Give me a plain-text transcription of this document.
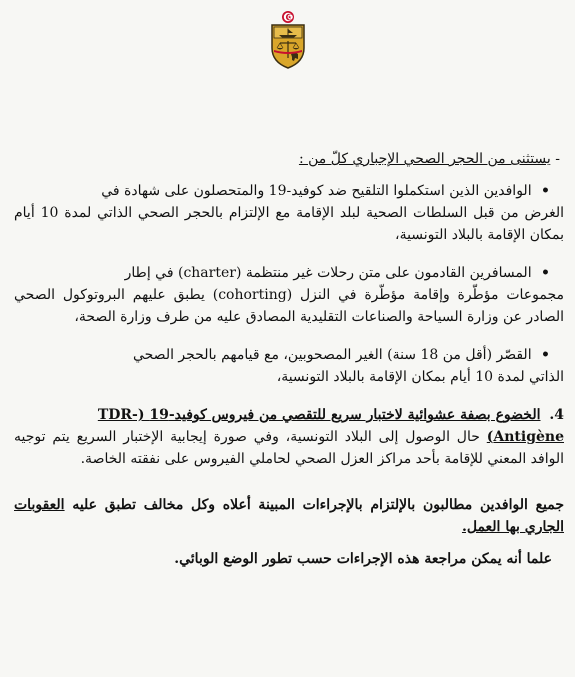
- يستثنى من الحجر الصحي الإجباري كلّ من :

• الوافدين الذين استكملوا التلقيح ضد كوفيد-19 والمتحصلون على شهادة في
الغرض من قبل السلطات الصحية لبلد الإقامة مع الإلتزام بالحجر الصحي الذاتي لمدة 10 أيام بمكان الإقامة بالبلاد التونسية،

• المسافرين القادمون على متن رحلات غير منتظمة (charter) في إطار
مجموعات مؤطّرة وإقامة مؤطّرة في النزل (cohorting) يطبق عليهم البروتوكول الصحي الصادر عن وزارة السياحة والصناعات التقليدية المصادق عليه من طرف وزارة الصحة،

• القصّر (أقل من 18 سنة) الغير المصحوبين، مع قيامهم بالحجر الصحي
الذاتي لمدة 10 أيام بمكان الإقامة بالبلاد التونسية،

4. الخضوع بصفة عشوائية لاختبار سريع للتقصي من فيروس كوفيد-19 (-TDR
Antigène) حال الوصول إلى البلاد التونسية، وفي صورة إيجابية الإختبار السريع يتم توجيه الوافد المعني للإقامة بأحد مراكز العزل الصحي لحاملي الفيروس على نفقته الخاصة.

جميع الوافدين مطالبون بالإلتزام بالإجراءات المبينة أعلاه وكل مخالف تطبق عليه العقوبات الجاري بها العمل.

علما أنه يمكن مراجعة هذه الإجراءات حسب تطور الوضع الوبائي.
